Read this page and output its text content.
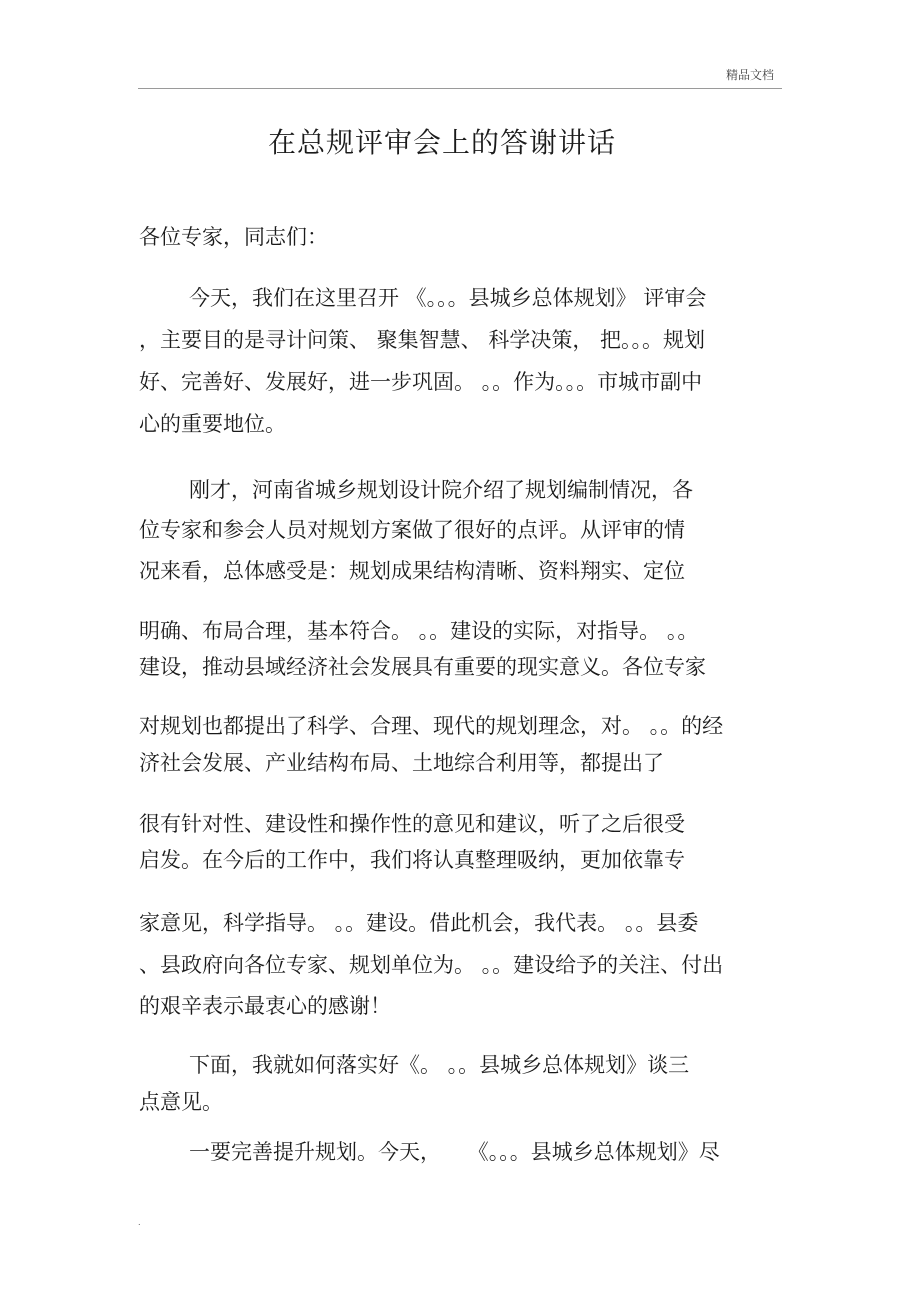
精品文档
在总规评审会上的答谢讲话
各位专家，同志们：
今天，我们在这里召开 《。。。县城乡总体规划》 评审会
，主要目的是寻计问策、 聚集智慧、 科学决策， 把。。。规划
好、完善好、发展好，进一步巩固。 。。作为。。。市城市副中
心的重要地位。
刚才，河南省城乡规划设计院介绍了规划编制情况，各
位专家和参会人员对规划方案做了很好的点评。从评审的情
况来看，总体感受是：规划成果结构清晰、资料翔实、定位
明确、布局合理，基本符合。 。。建设的实际，对指导。 。。
建设，推动县域经济社会发展具有重要的现实意义。各位专家
对规划也都提出了科学、合理、现代的规划理念，对。 。。的经
济社会发展、产业结构布局、土地综合利用等，都提出了
很有针对性、建设性和操作性的意见和建议，听了之后很受
启发。在今后的工作中，我们将认真整理吸纳，更加依靠专
家意见，科学指导。 。。建设。借此机会，我代表。 。。县委
、县政府向各位专家、规划单位为。 。。建设给予的关注、付出
的艰辛表示最衷心的感谢！
下面，我就如何落实好《。 。。县城乡总体规划》谈三
点意见。
一要完善提升规划。今天，    《。。。县城乡总体规划》尽
.
